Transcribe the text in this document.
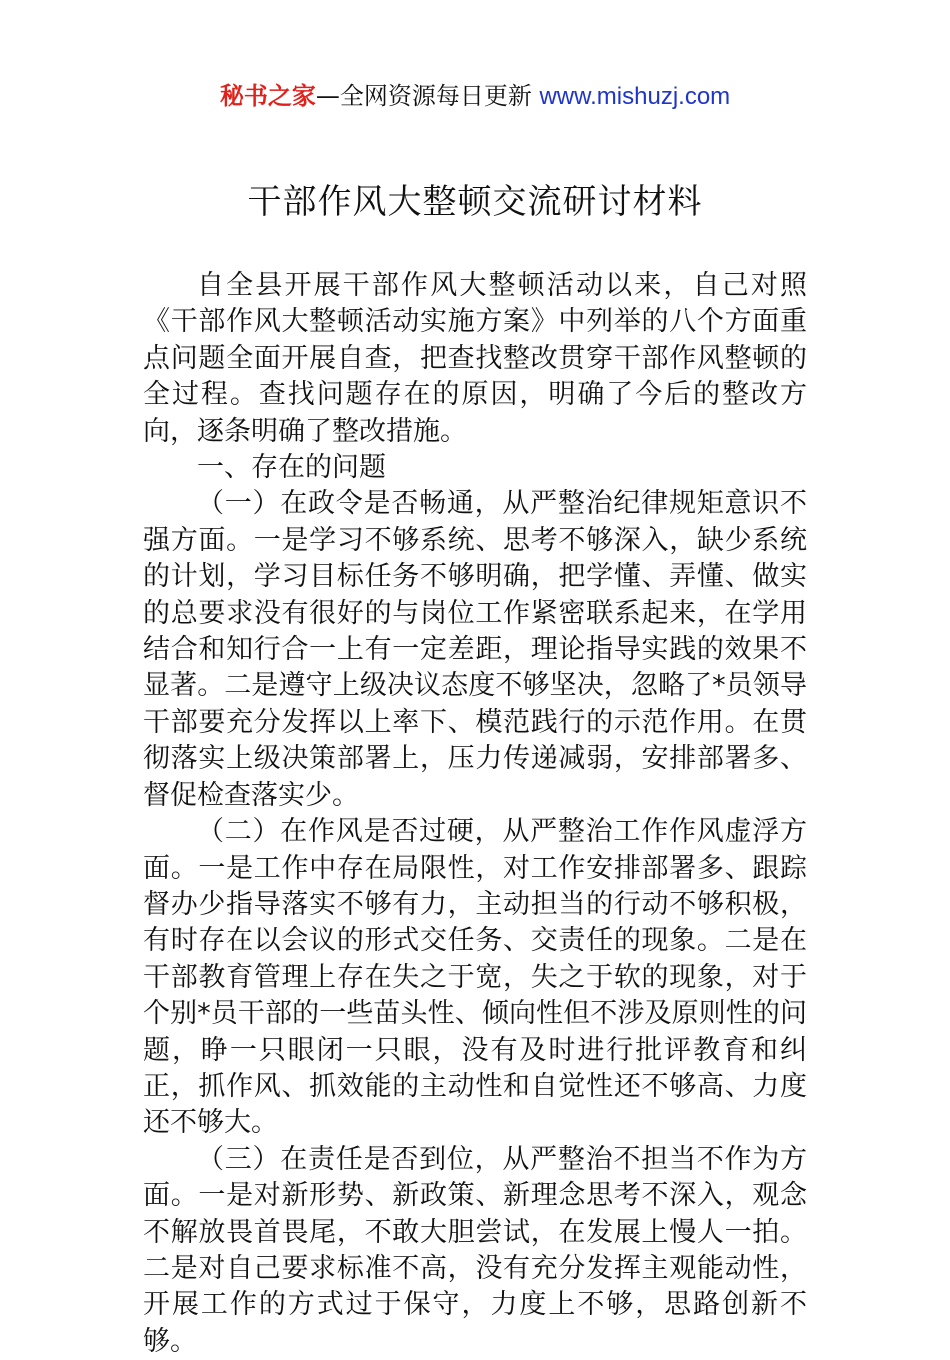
秘书之家—全网资源每日更新 www.mishuzj.com
干部作风大整顿交流研讨材料

自全县开展干部作风大整顿活动以来，自己对照《干部作风大整顿活动实施方案》中列举的八个方面重点问题全面开展自查，把查找整改贯穿干部作风整顿的全过程。查找问题存在的原因，明确了今后的整改方向，逐条明确了整改措施。

一、存在的问题

（一）在政令是否畅通，从严整治纪律规矩意识不强方面。一是学习不够系统、思考不够深入，缺少系统的计划，学习目标任务不够明确，把学懂、弄懂、做实的总要求没有很好的与岗位工作紧密联系起来，在学用结合和知行合一上有一定差距，理论指导实践的效果不显著。二是遵守上级决议态度不够坚决，忽略了*员领导干部要充分发挥以上率下、模范践行的示范作用。在贯彻落实上级决策部署上，压力传递减弱，安排部署多、督促检查落实少。

（二）在作风是否过硬，从严整治工作作风虚浮方面。一是工作中存在局限性，对工作安排部署多、跟踪督办少指导落实不够有力，主动担当的行动不够积极，有时存在以会议的形式交任务、交责任的现象。二是在干部教育管理上存在失之于宽，失之于软的现象，对于个别*员干部的一些苗头性、倾向性但不涉及原则性的问题，睁一只眼闭一只眼，没有及时进行批评教育和纠正，抓作风、抓效能的主动性和自觉性还不够高、力度还不够大。

（三）在责任是否到位，从严整治不担当不作为方面。一是对新形势、新政策、新理念思考不深入，观念不解放畏首畏尾，不敢大胆尝试，在发展上慢人一拍。二是对自己要求标准不高，没有充分发挥主观能动性，开展工作的方式过于保守，力度上不够，思路创新不够。
